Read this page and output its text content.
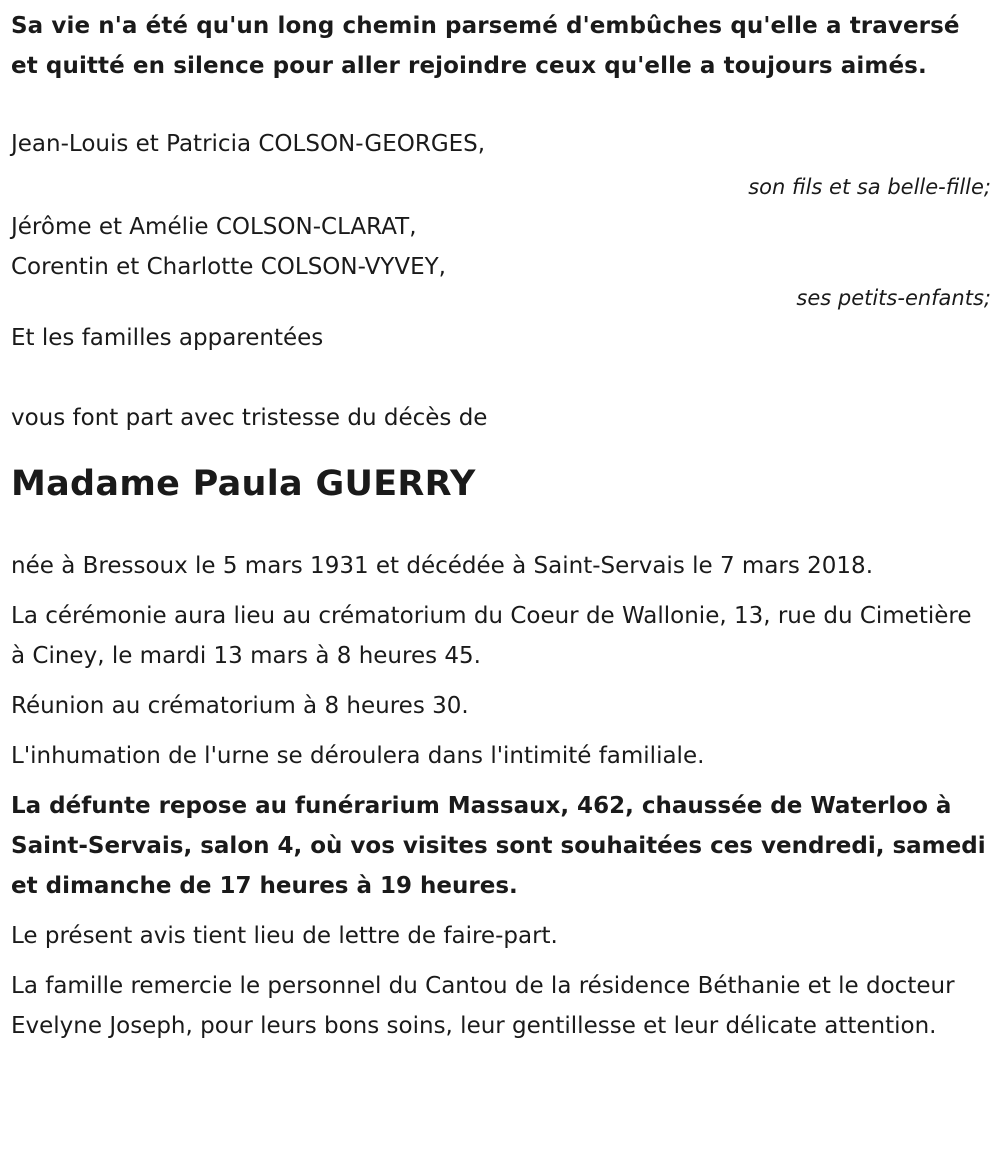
Sa vie n'a été qu'un long chemin parsemé d'embûches qu'elle a traversé et quitté en silence pour aller rejoindre ceux qu'elle a toujours aimés.

Jean-Louis et Patricia COLSON-GEORGES,

son fils et sa belle-fille;

Jérôme et Amélie COLSON-CLARAT,

Corentin et Charlotte COLSON-VYVEY,

ses petits-enfants;

Et les familles apparentées

vous font part avec tristesse du décès de

Madame Paula GUERRY

née à Bressoux le 5 mars 1931 et décédée à Saint-Servais le 7 mars 2018.

La cérémonie aura lieu au crématorium du Coeur de Wallonie, 13, rue du Cimetière à Ciney, le mardi 13 mars à 8 heures 45.

Réunion au crématorium à 8 heures 30.

L'inhumation de l'urne se déroulera dans l'intimité familiale.

La défunte repose au funérarium Massaux, 462, chaussée de Waterloo à Saint-Servais, salon 4, où vos visites sont souhaitées ces vendredi, samedi et dimanche de 17 heures à 19 heures.

Le présent avis tient lieu de lettre de faire-part.

La famille remercie le personnel du Cantou de la résidence Béthanie et le docteur Evelyne Joseph, pour leurs bons soins, leur gentillesse et leur délicate attention.
